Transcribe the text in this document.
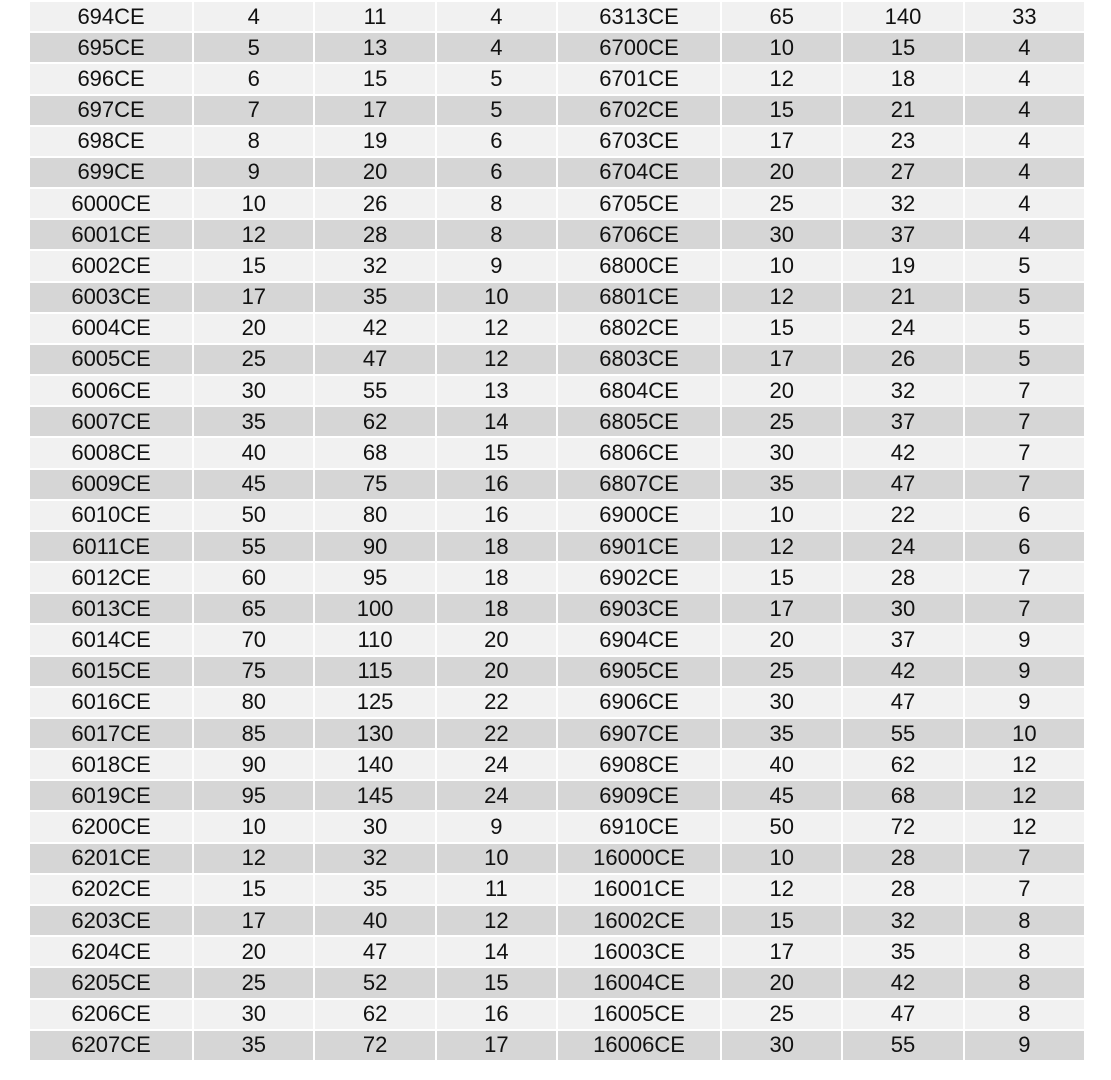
694CE	4	11	4	6313CE	65	140	33
695CE	5	13	4	6700CE	10	15	4
696CE	6	15	5	6701CE	12	18	4
697CE	7	17	5	6702CE	15	21	4
698CE	8	19	6	6703CE	17	23	4
699CE	9	20	6	6704CE	20	27	4
6000CE	10	26	8	6705CE	25	32	4
6001CE	12	28	8	6706CE	30	37	4
6002CE	15	32	9	6800CE	10	19	5
6003CE	17	35	10	6801CE	12	21	5
6004CE	20	42	12	6802CE	15	24	5
6005CE	25	47	12	6803CE	17	26	5
6006CE	30	55	13	6804CE	20	32	7
6007CE	35	62	14	6805CE	25	37	7
6008CE	40	68	15	6806CE	30	42	7
6009CE	45	75	16	6807CE	35	47	7
6010CE	50	80	16	6900CE	10	22	6
6011CE	55	90	18	6901CE	12	24	6
6012CE	60	95	18	6902CE	15	28	7
6013CE	65	100	18	6903CE	17	30	7
6014CE	70	110	20	6904CE	20	37	9
6015CE	75	115	20	6905CE	25	42	9
6016CE	80	125	22	6906CE	30	47	9
6017CE	85	130	22	6907CE	35	55	10
6018CE	90	140	24	6908CE	40	62	12
6019CE	95	145	24	6909CE	45	68	12
6200CE	10	30	9	6910CE	50	72	12
6201CE	12	32	10	16000CE	10	28	7
6202CE	15	35	11	16001CE	12	28	7
6203CE	17	40	12	16002CE	15	32	8
6204CE	20	47	14	16003CE	17	35	8
6205CE	25	52	15	16004CE	20	42	8
6206CE	30	62	16	16005CE	25	47	8
6207CE	35	72	17	16006CE	30	55	9
